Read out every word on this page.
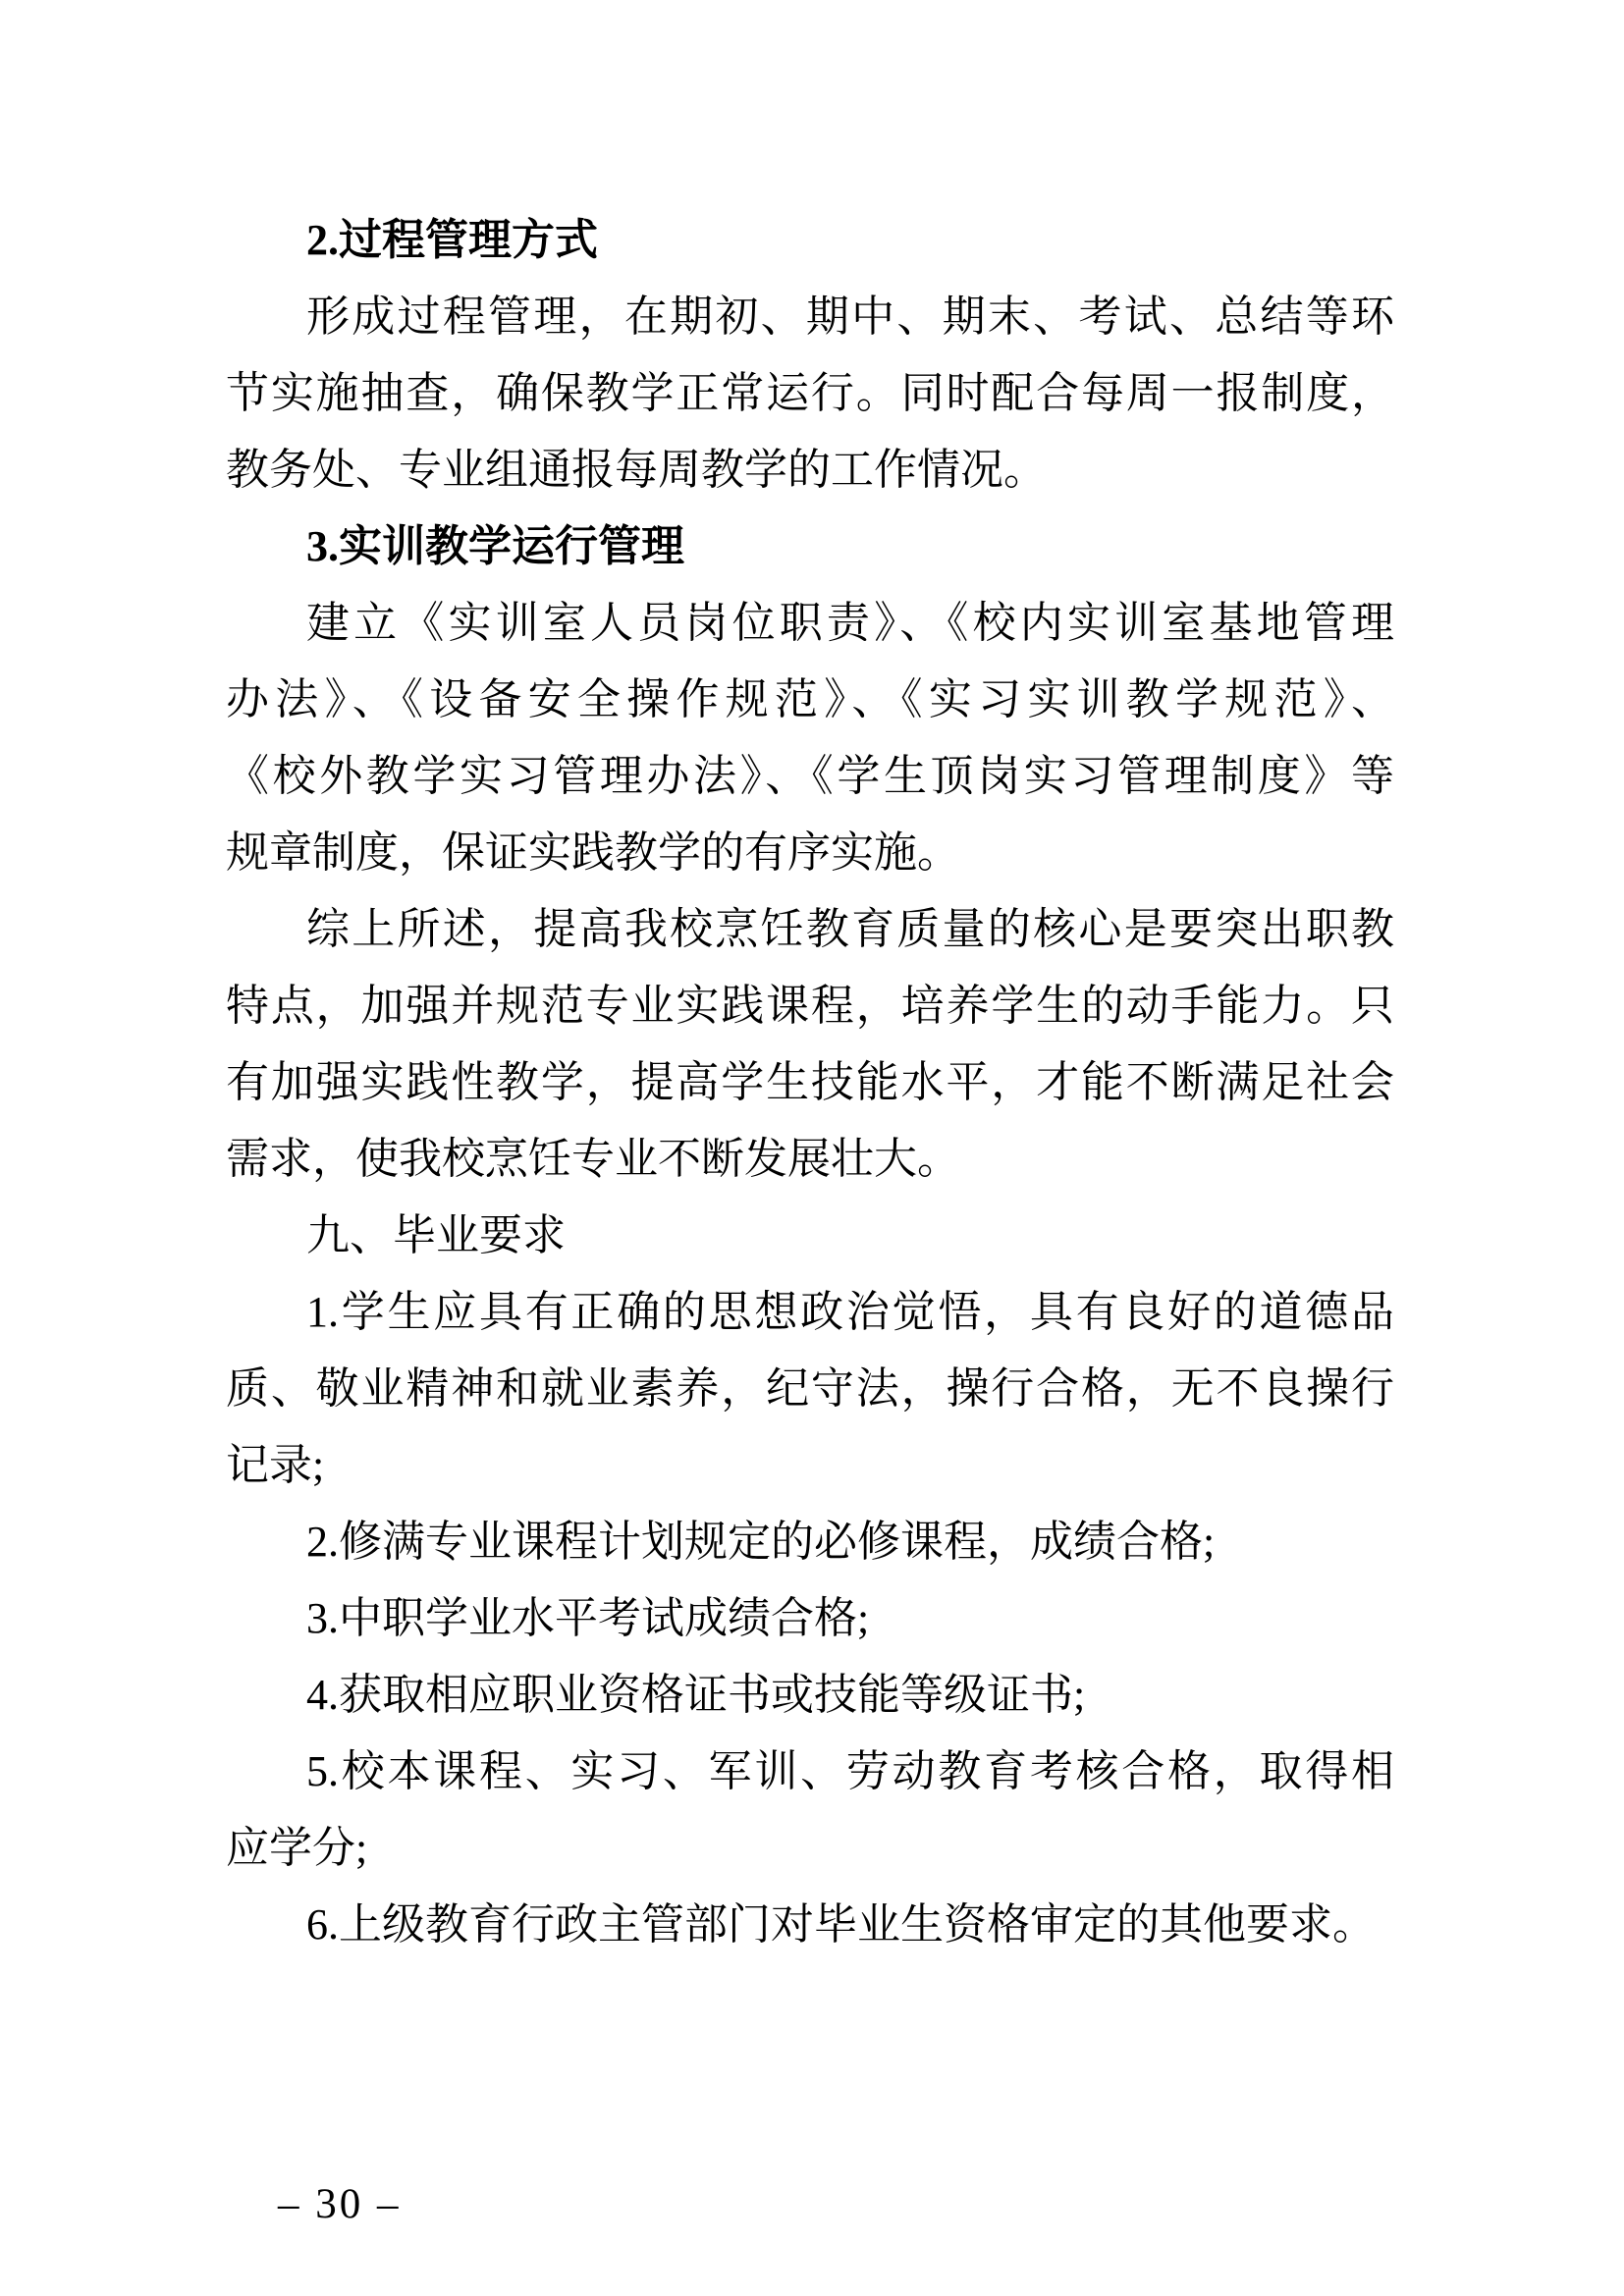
2.过程管理方式
形成过程管理，在期初、期中、期末、考试、总结等环
节实施抽查，确保教学正常运行。同时配合每周一报制度，
教务处、专业组通报每周教学的工作情况。
3.实训教学运行管理
建立《实训室人员岗位职责》、《校内实训室基地管理
办法》、《设备安全操作规范》、《实习实训教学规范》、
《校外教学实习管理办法》、《学生顶岗实习管理制度》等
规章制度，保证实践教学的有序实施。
综上所述，提高我校烹饪教育质量的核心是要突出职教
特点，加强并规范专业实践课程，培养学生的动手能力。只
有加强实践性教学，提高学生技能水平，才能不断满足社会
需求，使我校烹饪专业不断发展壮大。
九、毕业要求
1.学生应具有正确的思想政治觉悟，具有良好的道德品
质、敬业精神和就业素养，纪守法，操行合格，无不良操行
记录;
2.修满专业课程计划规定的必修课程，成绩合格;
3.中职学业水平考试成绩合格;
4.获取相应职业资格证书或技能等级证书;
5.校本课程、实习、军训、劳动教育考核合格，取得相
应学分;
6.上级教育行政主管部门对毕业生资格审定的其他要求。

– 30 –
